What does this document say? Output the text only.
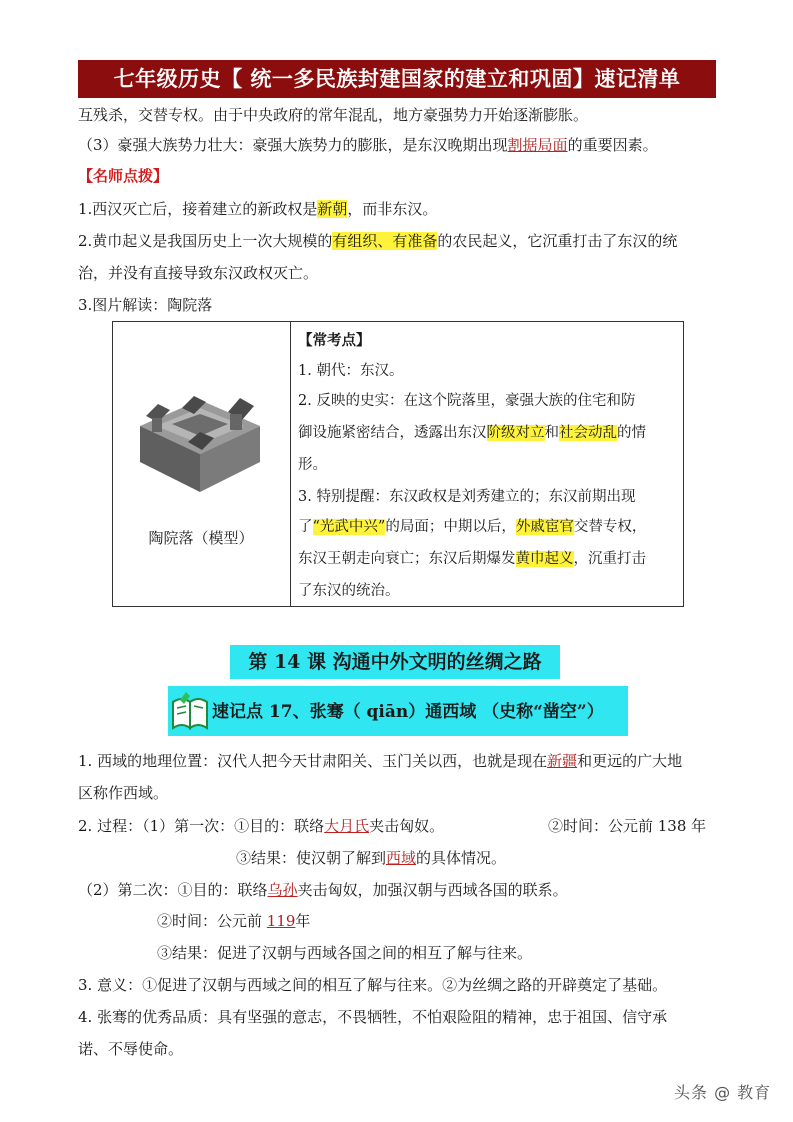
七年级历史【 统一多民族封建国家的建立和巩固】速记清单
互残杀，交替专权。由于中央政府的常年混乱，地方豪强势力开始逐渐膨胀。
（3）豪强大族势力壮大：豪强大族势力的膨胀，是东汉晚期出现割据局面的重要因素。
【名师点拨】
1.西汉灭亡后，接着建立的新政权是新朝，而非东汉。
2.黄巾起义是我国历史上一次大规模的有组织、有准备的农民起义，它沉重打击了东汉的统
治，并没有直接导致东汉政权灭亡。
3.图片解读：陶院落
陶院落（模型）
【常考点】
1. 朝代：东汉。
2. 反映的史实：在这个院落里，豪强大族的住宅和防
御设施紧密结合，透露出东汉阶级对立和社会动乱的情
形。
3. 特别提醒：东汉政权是刘秀建立的；东汉前期出现
了“光武中兴”的局面；中期以后，外戚宦官交替专权，
东汉王朝走向衰亡；东汉后期爆发黄巾起义，沉重打击
了东汉的统治。
第 14 课 沟通中外文明的丝绸之路
速记点 17、张骞（ qiān）通西域 （史称“凿空”）
1. 西域的地理位置：汉代人把今天甘肃阳关、玉门关以西，也就是现在新疆和更远的广大地
区称作西域。
2. 过程：（1）第一次：①目的：联络大月氏夹击匈奴。	②时间：公元前 138 年
③结果：使汉朝了解到西域的具体情况。
（2）第二次：①目的：联络乌孙夹击匈奴，加强汉朝与西域各国的联系。
②时间：公元前 119年
③结果：促进了汉朝与西域各国之间的相互了解与往来。
3. 意义：①促进了汉朝与西域之间的相互了解与往来。②为丝绸之路的开辟奠定了基础。
4. 张骞的优秀品质：具有坚强的意志，不畏牺牲，不怕艰险阻的精神，忠于祖国、信守承
诺、不辱使命。
头条 @ 教育
